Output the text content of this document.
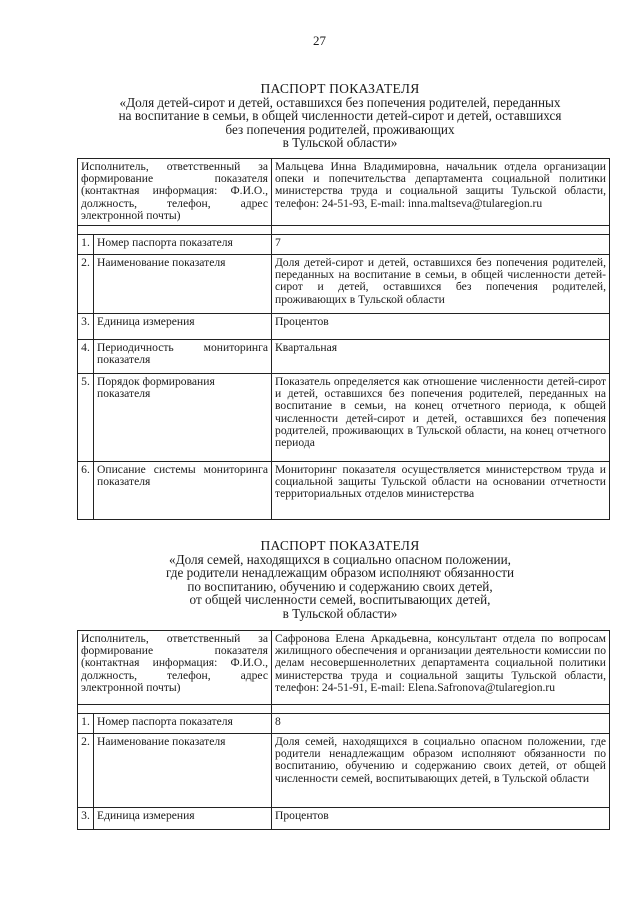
27
ПАСПОРТ ПОКАЗАТЕЛЯ
«Доля детей-сирот и детей, оставшихся без попечения родителей, переданных
на воспитание в семьи, в общей численности детей-сирот и детей, оставшихся
без попечения родителей, проживающих
в Тульской области»
Исполнитель, ответственный за формирование показателя (контактная информация: Ф.И.О., должность, телефон, адрес электронной почты)		Мальцева Инна Владимировна, начальник отдела организации опеки и попечительства департамента социальной политики министерства труда и социальной защиты Тульской области, телефон: 24-51-93, E-mail: inna.maltseva@tularegion.ru

1.	Номер паспорта показателя	7
2.	Наименование показателя	Доля детей-сирот и детей, оставшихся без попечения родителей, переданных на воспитание в семьи, в общей численности детей-сирот и детей, оставшихся без попечения родителей, проживающих в Тульской области
3.	Единица измерения	Процентов
4.	Периодичность мониторинга показателя	Квартальная
5.	Порядок формирования показателя	Показатель определяется как отношение численности детей-сирот и детей, оставшихся без попечения родителей, переданных на воспитание в семьи, на конец отчетного периода, к общей численности детей-сирот и детей, оставшихся без попечения родителей, проживающих в Тульской области, на конец отчетного периода
6.	Описание системы мониторинга показателя	Мониторинг показателя осуществляется министерством труда и социальной защиты Тульской области на основании отчетности территориальных отделов министерства
ПАСПОРТ ПОКАЗАТЕЛЯ
«Доля семей, находящихся в социально опасном положении,
где родители ненадлежащим образом исполняют обязанности
по воспитанию, обучению и содержанию своих детей,
от общей численности семей, воспитывающих детей,
в Тульской области»
Исполнитель, ответственный за формирование показателя (контактная информация: Ф.И.О., должность, телефон, адрес электронной почты)		Сафронова Елена Аркадьевна, консультант отдела по вопросам жилищного обеспечения и организации деятельности комиссии по делам несовершеннолетних департамента социальной политики министерства труда и социальной защиты Тульской области, телефон: 24-51-91, E-mail: Elena.Safronova@tularegion.ru

1.	Номер паспорта показателя	8
2.	Наименование показателя	Доля семей, находящихся в социально опасном положении, где родители ненадлежащим образом исполняют обязанности по воспитанию, обучению и содержанию своих детей, от общей численности семей, воспитывающих детей, в Тульской области
3.	Единица измерения	Процентов
